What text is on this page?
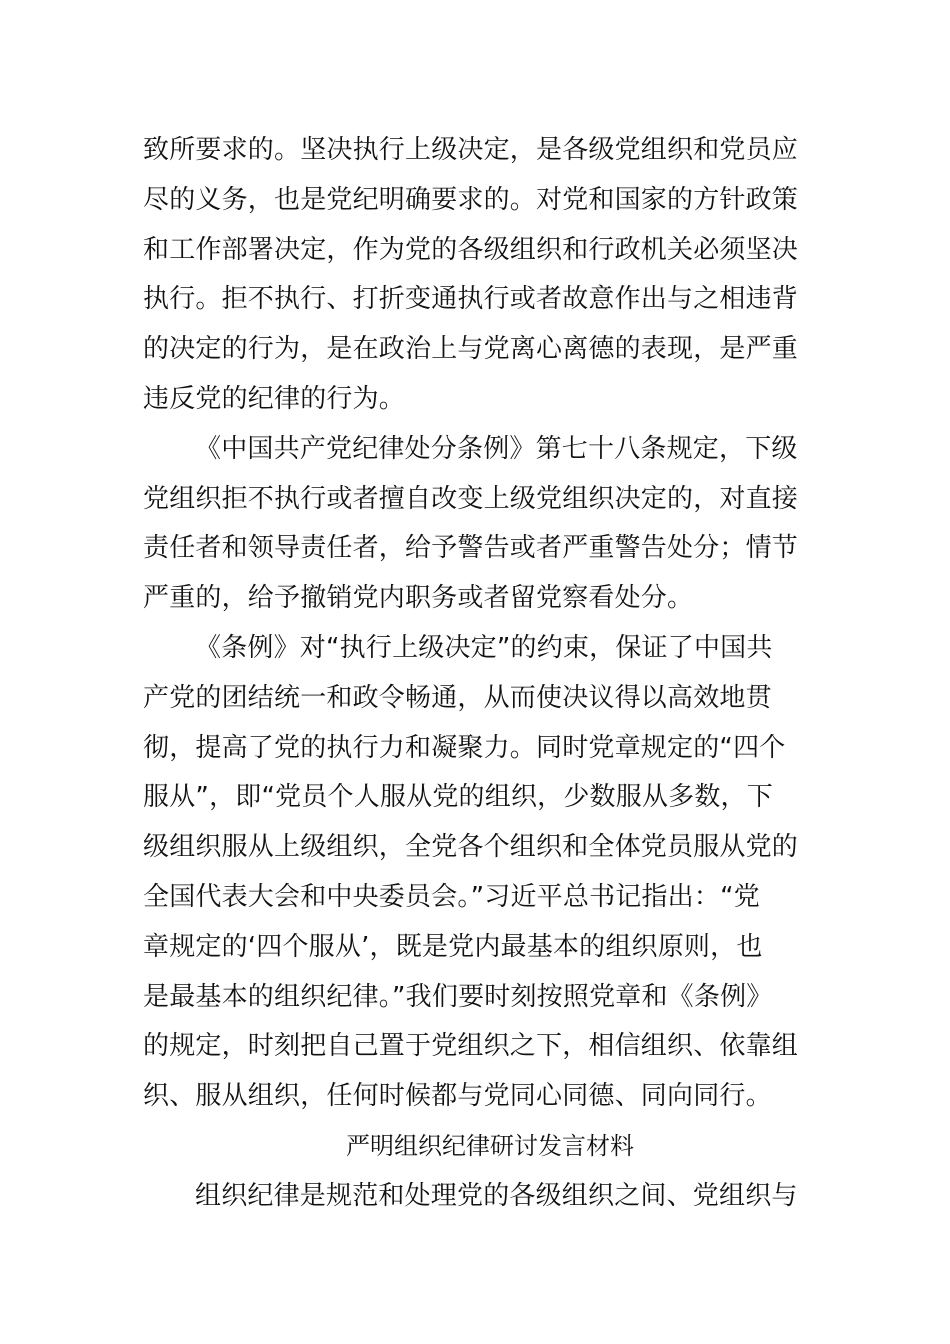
致所要求的。坚决执行上级决定，是各级党组织和党员应
尽的义务，也是党纪明确要求的。对党和国家的方针政策
和工作部署决定，作为党的各级组织和行政机关必须坚决
执行。拒不执行、打折变通执行或者故意作出与之相违背
的决定的行为，是在政治上与党离心离德的表现，是严重
违反党的纪律的行为。
《中国共产党纪律处分条例》第七十八条规定，下级
党组织拒不执行或者擅自改变上级党组织决定的，对直接
责任者和领导责任者，给予警告或者严重警告处分；情节
严重的，给予撤销党内职务或者留党察看处分。
《条例》对“执行上级决定”的约束，保证了中国共
产党的团结统一和政令畅通，从而使决议得以高效地贯
彻，提高了党的执行力和凝聚力。同时党章规定的“四个
服从”，即“党员个人服从党的组织，少数服从多数，下
级组织服从上级组织，全党各个组织和全体党员服从党的
全国代表大会和中央委员会。”习近平总书记指出：“党
章规定的‘四个服从’，既是党内最基本的组织原则，也
是最基本的组织纪律。”我们要时刻按照党章和《条例》
的规定，时刻把自己置于党组织之下，相信组织、依靠组
织、服从组织，任何时候都与党同心同德、同向同行。
严明组织纪律研讨发言材料
组织纪律是规范和处理党的各级组织之间、党组织与
